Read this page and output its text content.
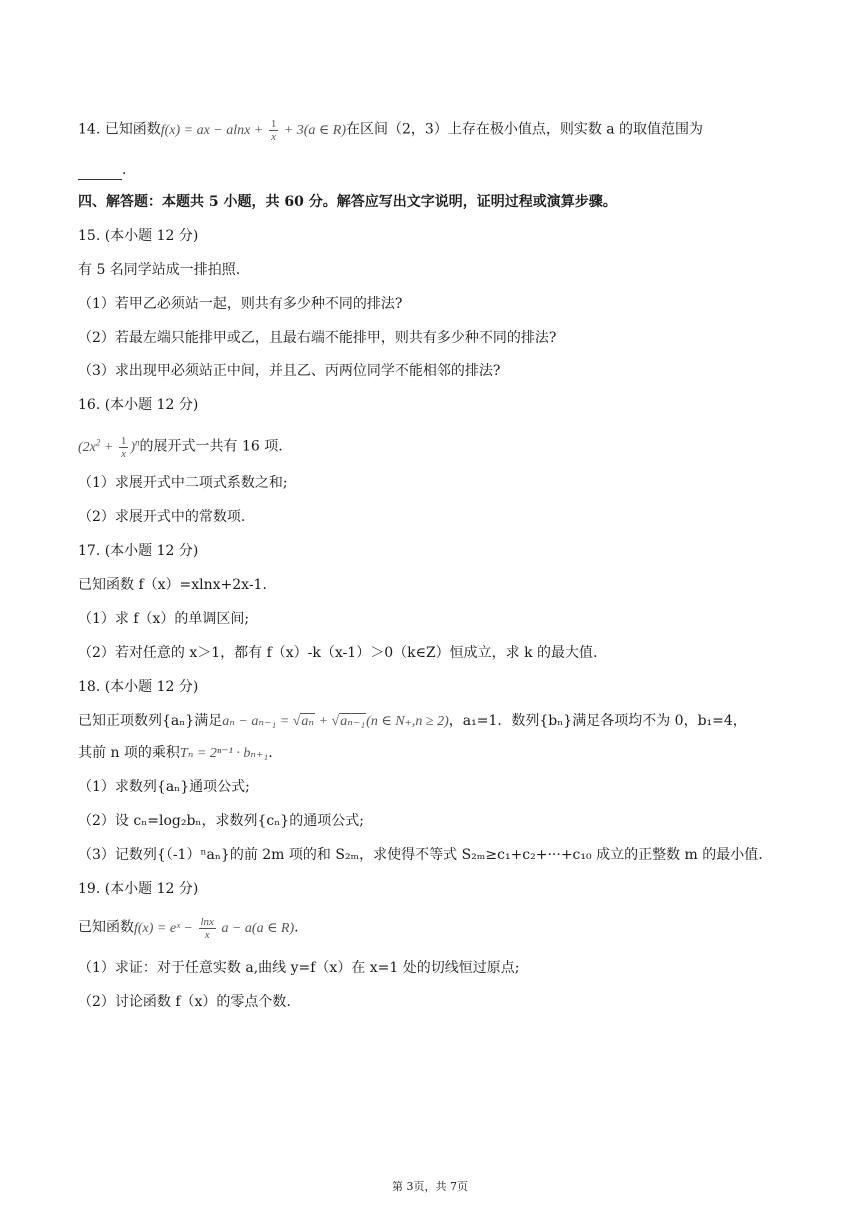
14. 已知函数f(x) = ax − $alnx + \frac{1}{x} + 3(a$ ∈ R)在区间（2，3）上存在极小值点，则实数 a 的取值范围为
.
四、解答题：本题共 5 小题，共 60 分。解答应写出文字说明，证明过程或演算步骤。
15. (本小题 12 分)
有 5 名同学站成一排拍照.
（1）若甲乙必须站一起，则共有多少种不同的排法?
（2）若最左端只能排甲或乙，且最右端不能排甲，则共有多少种不同的排法?
（3）求出现甲必须站正中间，并且乙、丙两位同学不能相邻的排法?
16. (本小题 12 分)
$(2x^2 + \frac{1}{x} )^n$的展开式一共有 16 项.
（1）求展开式中二项式系数之和;
（2）求展开式中的常数项.
17. (本小题 12 分)
已知函数 f（x）=xlnx+2x-1.
（1）求 f（x）的单调区间;
（2）若对任意的 x＞1，都有 f（x）-k（x-1）＞0（k∈Z）恒成立，求 k 的最大值.
18. (本小题 12 分)
已知正项数列{aₙ}满足aₙ − aₙ₋₁ = √aₙ + √aₙ₋₁(n ∈ N₊,n ≥ 2)，a₁=1．数列{bₙ}满足各项均不为 0，b₁=4，
其前 n 项的乘积Tₙ = 2ⁿ⁻¹ · bₙ₊₁.
（1）求数列{aₙ}通项公式;
（2）设 cₙ=log₂bₙ，求数列{cₙ}的通项公式;
（3）记数列{（-1）ⁿaₙ}的前 2m 项的和 S₂ₘ，求使得不等式 S₂ₘ≥c₁+c₂+···+c₁₀ 成立的正整数 m 的最小值.
19. (本小题 12 分)
已知函数f(x) = eˣ − $\frac{\ln x}{x}$ a − a(a ∈ R).
（1）求证：对于任意实数 a,曲线 y=f（x）在 x=1 处的切线恒过原点;
（2）讨论函数 f（x）的零点个数.
第 3页，共 7页
